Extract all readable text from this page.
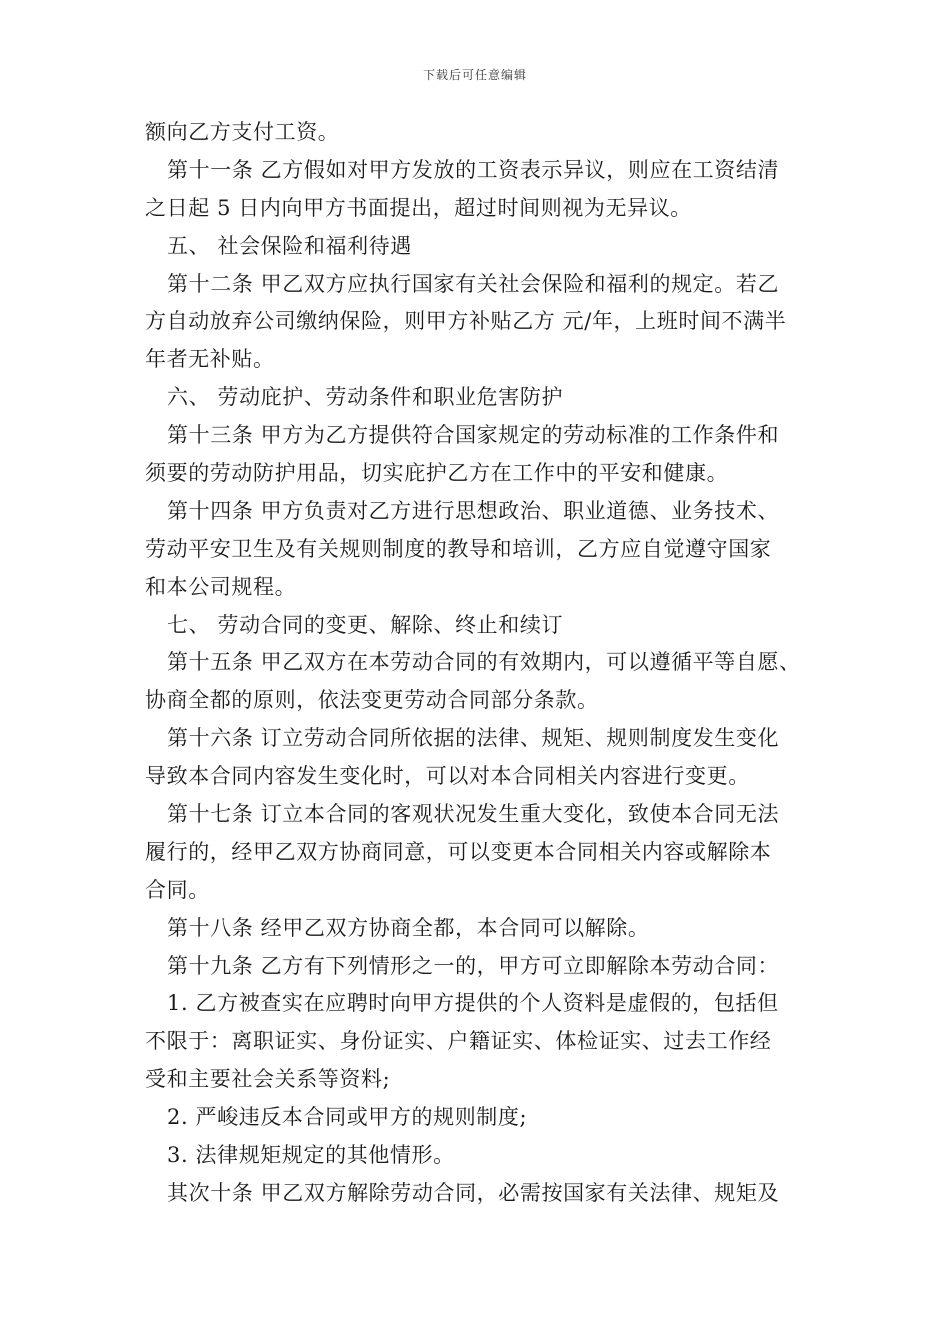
下载后可任意编辑
额向乙方支付工资。
第十一条 乙方假如对甲方发放的工资表示异议，则应在工资结清
之日起 5 日内向甲方书面提出，超过时间则视为无异议。
五、 社会保险和福利待遇
第十二条 甲乙双方应执行国家有关社会保险和福利的规定。若乙
方自动放弃公司缴纳保险，则甲方补贴乙方 元/年，上班时间不满半
年者无补贴。
六、 劳动庇护、劳动条件和职业危害防护
第十三条 甲方为乙方提供符合国家规定的劳动标准的工作条件和
须要的劳动防护用品，切实庇护乙方在工作中的平安和健康。
第十四条 甲方负责对乙方进行思想政治、职业道德、业务技术、
劳动平安卫生及有关规则制度的教导和培训，乙方应自觉遵守国家
和本公司规程。
七、 劳动合同的变更、解除、终止和续订
第十五条 甲乙双方在本劳动合同的有效期内，可以遵循平等自愿、
协商全都的原则，依法变更劳动合同部分条款。
第十六条 订立劳动合同所依据的法律、规矩、规则制度发生变化
导致本合同内容发生变化时，可以对本合同相关内容进行变更。
第十七条 订立本合同的客观状况发生重大变化，致使本合同无法
履行的，经甲乙双方协商同意，可以变更本合同相关内容或解除本
合同。
第十八条 经甲乙双方协商全都，本合同可以解除。
第十九条 乙方有下列情形之一的，甲方可立即解除本劳动合同：
1. 乙方被查实在应聘时向甲方提供的个人资料是虚假的，包括但
不限于：离职证实、身份证实、户籍证实、体检证实、过去工作经
受和主要社会关系等资料;
2. 严峻违反本合同或甲方的规则制度;
3. 法律规矩规定的其他情形。
其次十条 甲乙双方解除劳动合同，必需按国家有关法律、规矩及
